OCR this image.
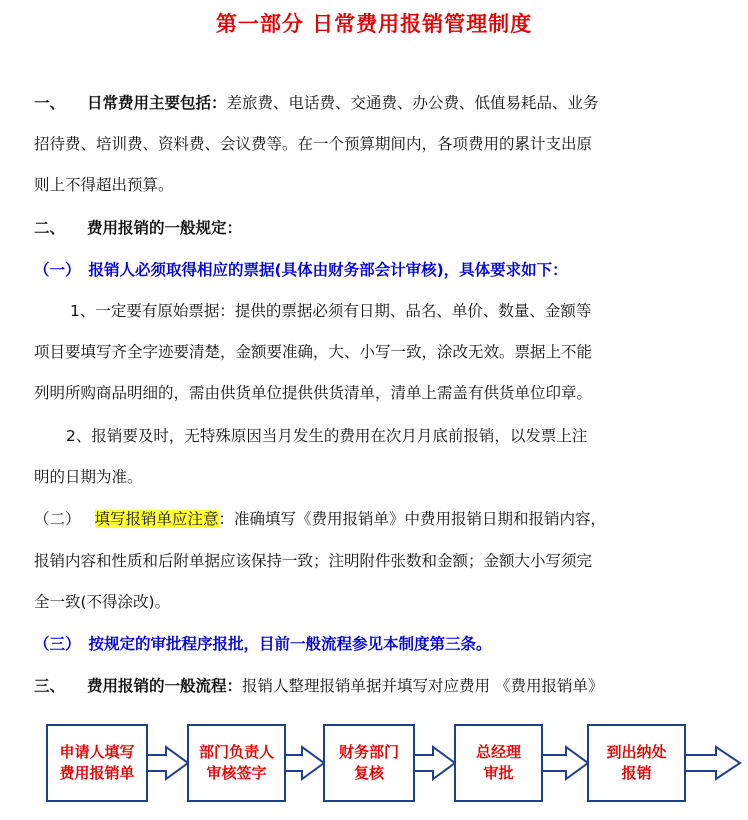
第一部分 日常费用报销管理制度
一、 日常费用主要包括：差旅费、电话费、交通费、办公费、低值易耗品、业务
招待费、培训费、资料费、会议费等。在一个预算期间内，各项费用的累计支出原
则上不得超出预算。
二、 费用报销的一般规定：
（一） 报销人必须取得相应的票据(具体由财务部会计审核)，具体要求如下：
1、一定要有原始票据：提供的票据必须有日期、品名、单价、数量、金额等
项目要填写齐全字迹要清楚，金额要准确，大、小写一致，涂改无效。票据上不能
列明所购商品明细的，需由供货单位提供供货清单，清单上需盖有供货单位印章。
2、报销要及时，无特殊原因当月发生的费用在次月月底前报销，以发票上注
明的日期为准。
（二） 填写报销单应注意：准确填写《费用报销单》中费用报销日期和报销内容，
报销内容和性质和后附单据应该保持一致；注明附件张数和金额；金额大小写须完
全一致(不得涂改)。
（三） 按规定的审批程序报批，目前一般流程参见本制度第三条。
三、 费用报销的一般流程：报销人整理报销单据并填写对应费用 《费用报销单》
申请人填写
费用报销单
部门负责人
审核签字
财务部门
复核
总经理
审批
到出纳处
报销
